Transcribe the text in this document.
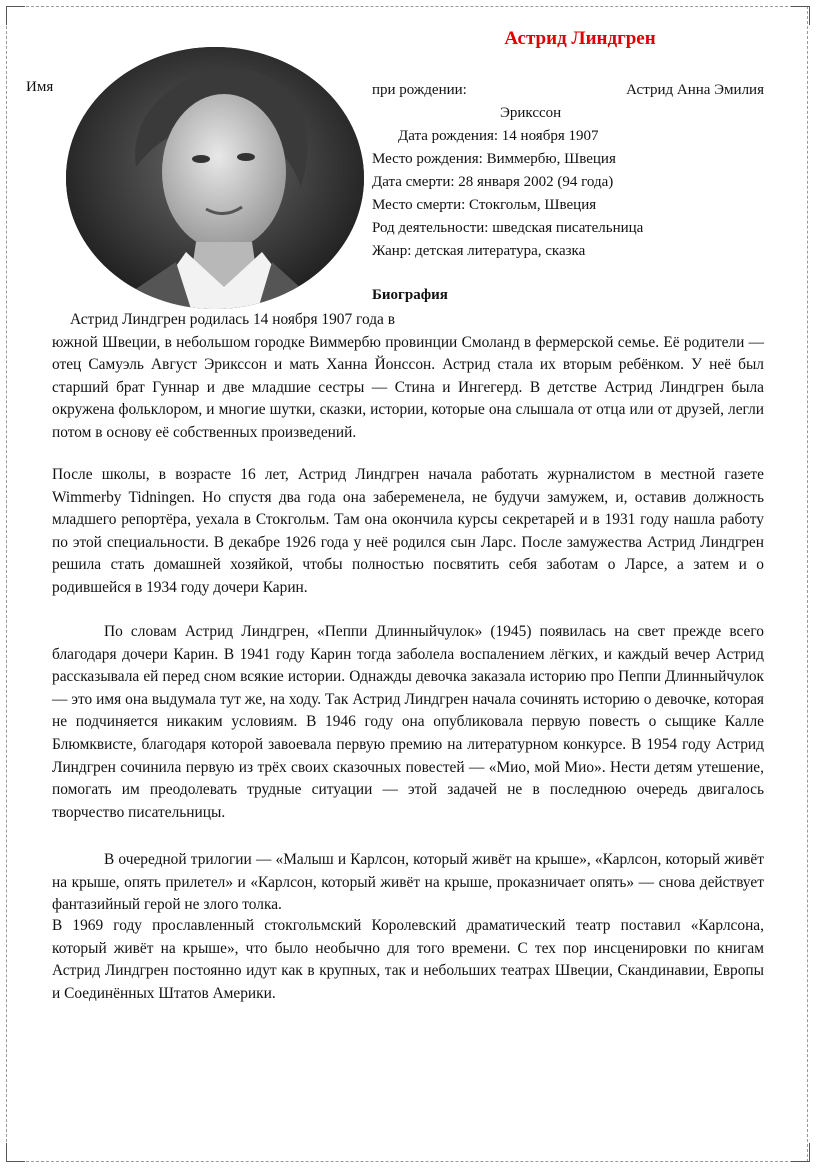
Астрид Линдгрен
Имя	при рождении:	Астрид Анна Эмилия
Эрикссон
Дата рождения: 14 ноября 1907
Место рождения: Виммербю, Швеция
Дата смерти: 28 января 2002 (94 года)
Место смерти: Стокгольм, Швеция
Род деятельности: шведская писательница
Жанр: детская литература, сказка
Биография
Астрид Линдгрен родилась 14 ноября 1907 года в
южной Швеции, в небольшом городке Виммербю провинции Смоланд в фермерской семье. Её родители — отец Самуэль Август Эрикссон и мать Ханна Йонссон. Астрид стала их вторым ребёнком. У неё был старший брат Гуннар и две младшие сестры — Стина и Ингегерд. В детстве Астрид Линдгрен была окружена фольклором, и многие шутки, сказки, истории, которые она слышала от отца или от друзей, легли потом в основу её собственных произведений.
После школы, в возрасте 16 лет, Астрид Линдгрен начала работать журналистом в местной газете Wimmerby Tidningen. Но спустя два года она забеременела, не будучи замужем, и, оставив должность младшего репортёра, уехала в Стокгольм. Там она окончила курсы секретарей и в 1931 году нашла работу по этой специальности. В декабре 1926 года у неё родился сын Ларс. После замужества Астрид Линдгрен решила стать домашней хозяйкой, чтобы полностью посвятить себя заботам о Ларсе, а затем и о родившейся в 1934 году дочери Карин.
По словам Астрид Линдгрен, «Пеппи Длинныйчулок» (1945) появилась на свет прежде всего благодаря дочери Карин. В 1941 году Карин тогда заболела воспалением лёгких, и каждый вечер Астрид рассказывала ей перед сном всякие истории. Однажды девочка заказала историю про Пеппи Длинныйчулок — это имя она выдумала тут же, на ходу. Так Астрид Линдгрен начала сочинять историю о девочке, которая не подчиняется никаким условиям. В 1946 году она опубликовала первую повесть о сыщике Калле Блюмквисте, благодаря которой завоевала первую премию на литературном конкурсе. В 1954 году Астрид Линдгрен сочинила первую из трёх своих сказочных повестей — «Мио, мой Мио». Нести детям утешение, помогать им преодолевать трудные ситуации — этой задачей не в последнюю очередь двигалось творчество писательницы.
В очередной трилогии — «Малыш и Карлсон, который живёт на крыше», «Карлсон, который живёт на крыше, опять прилетел» и «Карлсон, который живёт на крыше, проказничает опять» — снова действует фантазийный герой не злого толка.
В 1969 году прославленный стокгольмский Королевский драматический театр поставил «Карлсона, который живёт на крыше», что было необычно для того времени. С тех пор инсценировки по книгам Астрид Линдгрен постоянно идут как в крупных, так и небольших театрах Швеции, Скандинавии, Европы и Соединённых Штатов Америки.
